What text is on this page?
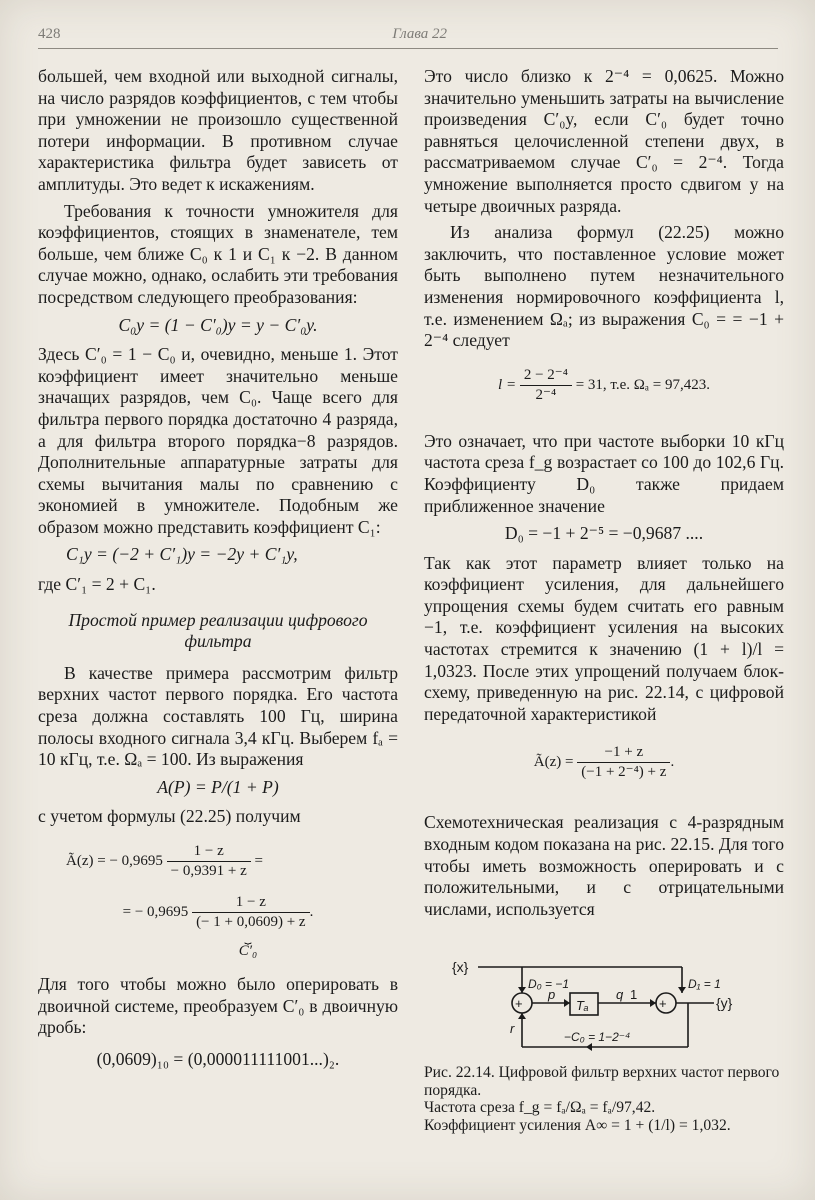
428	Глава 22

большей, чем входной или выходной сигналы, на число разрядов коэффициентов, с тем чтобы при умножении не произошло существенной потери информации. В противном случае характеристика фильтра будет зависеть от амплитуды. Это ведет к искажениям.

Требования к точности умножителя для коэффициентов, стоящих в знаменателе, тем больше, чем ближе C₀ к 1 и C₁ к −2. В данном случае можно, однако, ослабить эти требования посредством следующего преобразования:

C₀y = (1 − C′₀)y = y − C′₀y.

Здесь C′₀ = 1 − C₀ и, очевидно, меньше 1. Этот коэффициент имеет значительно меньше значащих разрядов, чем C₀. Чаще всего для фильтра первого порядка достаточно 4 разряда, а для фильтра второго порядка−8 разрядов. Дополнительные аппаратурные затраты для схемы вычитания малы по сравнению с экономией в умножителе. Подобным же образом можно представить коэффициент C₁:

C₁y = (−2 + C′₁)y = −2y + C′₁y,

где C′₁ = 2 + C₁.

Простой пример реализации цифрового фильтра

В качестве примера рассмотрим фильтр верхних частот первого порядка. Его частота среза должна составлять 100 Гц, ширина полосы входного сигнала 3,4 кГц. Выберем fₐ = 10 кГц, т.е. Ωₐ = 100. Из выражения

A(P) = P/(1 + P)

с учетом формулы (22.25) получим

Ã(z) = − $0,9695 \frac{1 - z}{- 0,9391 + z}$ =
= − $0,9695 \frac{1 - z}{(- 1 + 0,0609) + z}$ .
⏟
C′₀

Для того чтобы можно было оперировать в двоичной системе, преобразуем C′₀ в двоичную дробь:

(0,0609)₁₀ = (0,000011111001...)₂.

Это число близко к 2⁻⁴ = 0,0625. Можно значительно уменьшить затраты на вычисление произведения C′₀y, если C′₀ будет точно равняться целочисленной степени двух, в рассматриваемом случае C′₀ = 2⁻⁴. Тогда умножение выполняется просто сдвигом y на четыре двоичных разряда.

Из анализа формул (22.25) можно заключить, что поставленное условие может быть выполнено путем незначительного изменения нормировочного коэффициента l, т.е. изменением Ωₐ; из выражения C₀ = = −1 + 2⁻⁴ следует

$l = \frac{\text{2 − 2⁻⁴}}{\text{2⁻⁴}} = 31$, т.е. Ωₐ = 97,423.

Это означает, что при частоте выборки 10 кГц частота среза f_g возрастает со 100 до 102,6 Гц. Коэффициенту D₀ также придаем приближенное значение

D₀ = −1 + 2⁻⁵ = −0,9687 ....

Так как этот параметр влияет только на коэффициент усиления, для дальнейшего упрощения схемы будем считать его равным −1, т.е. коэффициент усиления на высоких частотах стремится к значению (1 + l)/l = 1,0323. После этих упрощений получаем блок-схему, приведенную на рис. 22.14, с цифровой передаточной характеристикой

Ã(z) = $\frac{-1 + z}{\text{(−1 + 2⁻⁴) + z}}$ .

Схемотехническая реализация с 4-разрядным входным кодом показана на рис. 22.15. Для того чтобы иметь возможность оперировать и с положительными, и с отрицательными числами, используется

{x}
{y}
D₀ = −1	D₁ = 1
+	+
p
Tₐ
q 1
r
−C₀ = 1−2⁻⁴
Рис. 22.14. Цифровой фильтр верхних частот первого порядка.
Частота среза f_g = fₐ/Ωₐ = fₐ/97,42.
Коэффициент усиления A∞ = 1 + (1/l) = 1,032.
